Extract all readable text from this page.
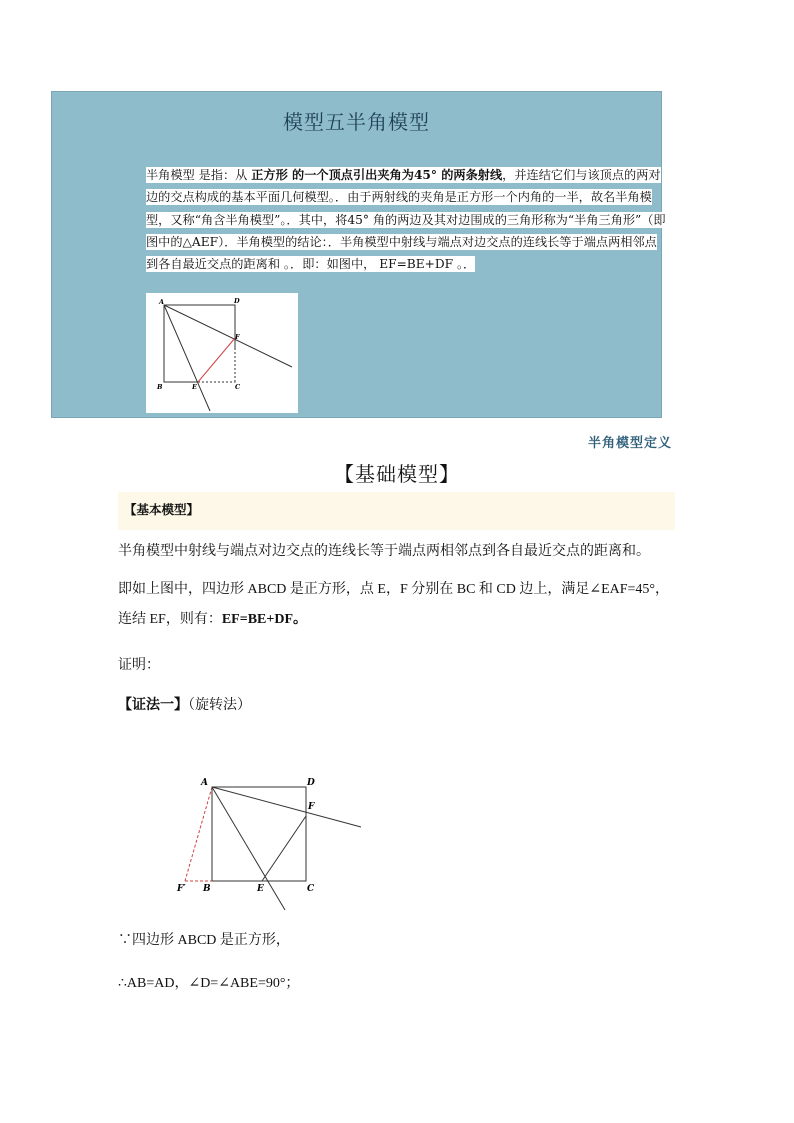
模型五半角模型
半角模型 是指：从 正方形 的一个顶点引出夹角为45° 的两条射线，并连结它们与该顶点的两对边的交点构成的基本平面几何模型。．由于两射线的夹角是正方形一个内角的一半，故名半角模型，又称“角含半角模型”。．其中，将45° 角的两边及其对边围成的三角形称为“半角三角形”（即图中的△AEF）．半角模型的结论：．半角模型中射线与端点对边交点的连线长等于端点两相邻点到各自最近交点的距离和 。．即：如图中， EF=BE+DF 。．
A	D
F
B	E	C
半角模型定义
【基础模型】
【基本模型】
半角模型中射线与端点对边交点的连线长等于端点两相邻点到各自最近交点的距离和。
即如上图中，四边形 ABCD 是正方形，点 E，F 分别在 BC 和 CD 边上，满足∠EAF=45°，连结 EF，则有：EF=BE+DF。
证明：
【证法一】（旋转法）
A	D
F
F′ B	E	C
∵四边形 ABCD 是正方形，
∴AB=AD，∠D=∠ABE=90°；
